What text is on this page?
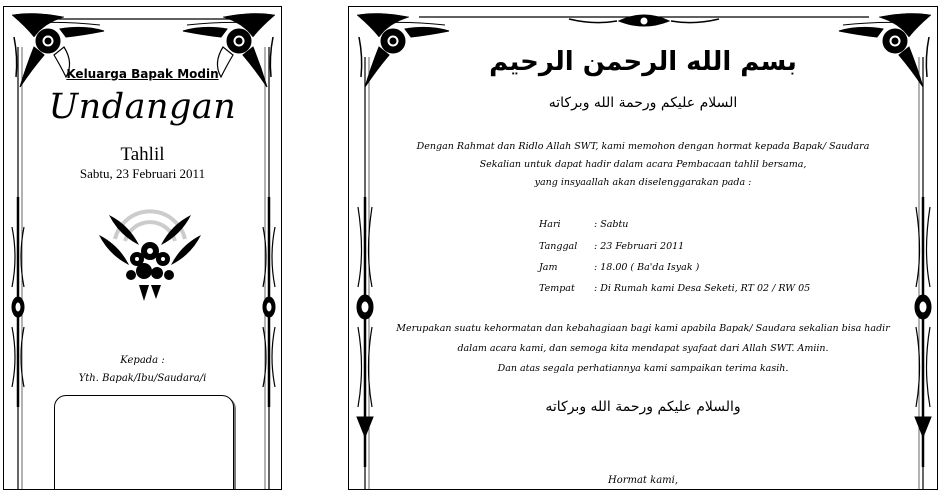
Keluarga Bapak Modin
Undangan
Tahlil
Sabtu, 23 Februari 2011
Kepada :
Yth. Bapak/Ibu/Saudara/i
بسم الله الرحمن الرحيم
السلام عليكم ورحمة الله وبركاته
Dengan Rahmat dan Ridlo Allah SWT, kami memohon dengan hormat kepada Bapak/ Saudara
Sekalian untuk dapat hadir dalam acara Pembacaan tahlil bersama,
yang insyaallah akan diselenggarakan pada :
Hari	: Sabtu
Tanggal : 23 Februari 2011
Jam	: 18.00 ( Ba'da Isyak )
Tempat : Di Rumah kami Desa Seketi, RT 02 / RW 05
Merupakan suatu kehormatan dan kebahagiaan bagi kami apabila Bapak/ Saudara sekalian bisa hadir
dalam acara kami, dan semoga kita mendapat syafaat dari Allah SWT. Amiin.
Dan atas segala perhatiannya kami sampaikan terima kasih.
والسلام عليكم ورحمة الله وبركاته
Hormat kami,
